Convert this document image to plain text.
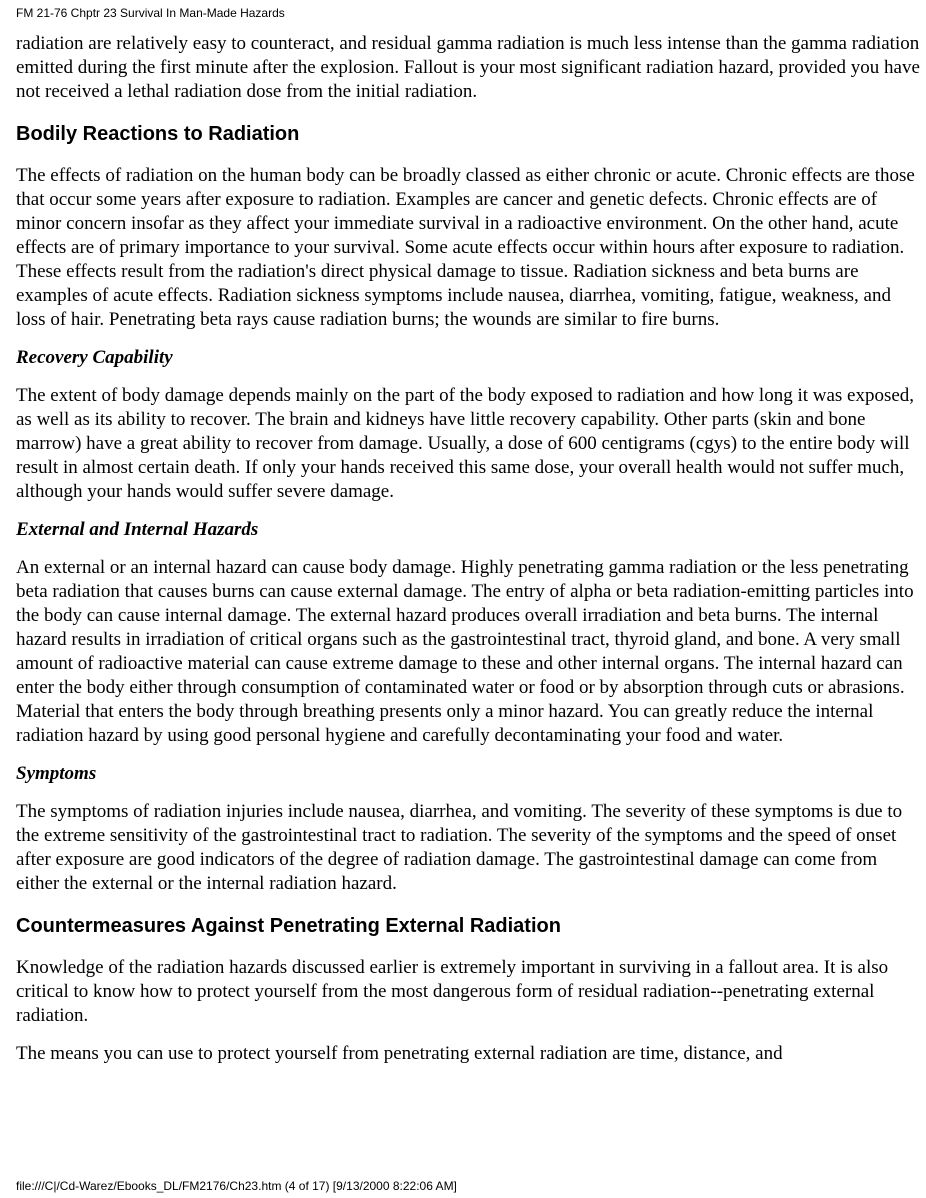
FM 21-76 Chptr 23 Survival In Man-Made Hazards

radiation are relatively easy to counteract, and residual gamma radiation is much less intense than the gamma radiation emitted during the first minute after the explosion. Fallout is your most significant radiation hazard, provided you have not received a lethal radiation dose from the initial radiation.

Bodily Reactions to Radiation

The effects of radiation on the human body can be broadly classed as either chronic or acute. Chronic effects are those that occur some years after exposure to radiation. Examples are cancer and genetic defects. Chronic effects are of minor concern insofar as they affect your immediate survival in a radioactive environment. On the other hand, acute effects are of primary importance to your survival. Some acute effects occur within hours after exposure to radiation. These effects result from the radiation's direct physical damage to tissue. Radiation sickness and beta burns are examples of acute effects. Radiation sickness symptoms include nausea, diarrhea, vomiting, fatigue, weakness, and loss of hair. Penetrating beta rays cause radiation burns; the wounds are similar to fire burns.

Recovery Capability

The extent of body damage depends mainly on the part of the body exposed to radiation and how long it was exposed, as well as its ability to recover. The brain and kidneys have little recovery capability. Other parts (skin and bone marrow) have a great ability to recover from damage. Usually, a dose of 600 centigrams (cgys) to the entire body will result in almost certain death. If only your hands received this same dose, your overall health would not suffer much, although your hands would suffer severe damage.

External and Internal Hazards

An external or an internal hazard can cause body damage. Highly penetrating gamma radiation or the less penetrating beta radiation that causes burns can cause external damage. The entry of alpha or beta radiation-emitting particles into the body can cause internal damage. The external hazard produces overall irradiation and beta burns. The internal hazard results in irradiation of critical organs such as the gastrointestinal tract, thyroid gland, and bone. A very small amount of radioactive material can cause extreme damage to these and other internal organs. The internal hazard can enter the body either through consumption of contaminated water or food or by absorption through cuts or abrasions. Material that enters the body through breathing presents only a minor hazard. You can greatly reduce the internal radiation hazard by using good personal hygiene and carefully decontaminating your food and water.

Symptoms

The symptoms of radiation injuries include nausea, diarrhea, and vomiting. The severity of these symptoms is due to the extreme sensitivity of the gastrointestinal tract to radiation. The severity of the symptoms and the speed of onset after exposure are good indicators of the degree of radiation damage. The gastrointestinal damage can come from either the external or the internal radiation hazard.

Countermeasures Against Penetrating External Radiation

Knowledge of the radiation hazards discussed earlier is extremely important in surviving in a fallout area. It is also critical to know how to protect yourself from the most dangerous form of residual radiation--penetrating external radiation.

The means you can use to protect yourself from penetrating external radiation are time, distance, and

file:///C|/Cd-Warez/Ebooks_DL/FM2176/Ch23.htm (4 of 17) [9/13/2000 8:22:06 AM]
